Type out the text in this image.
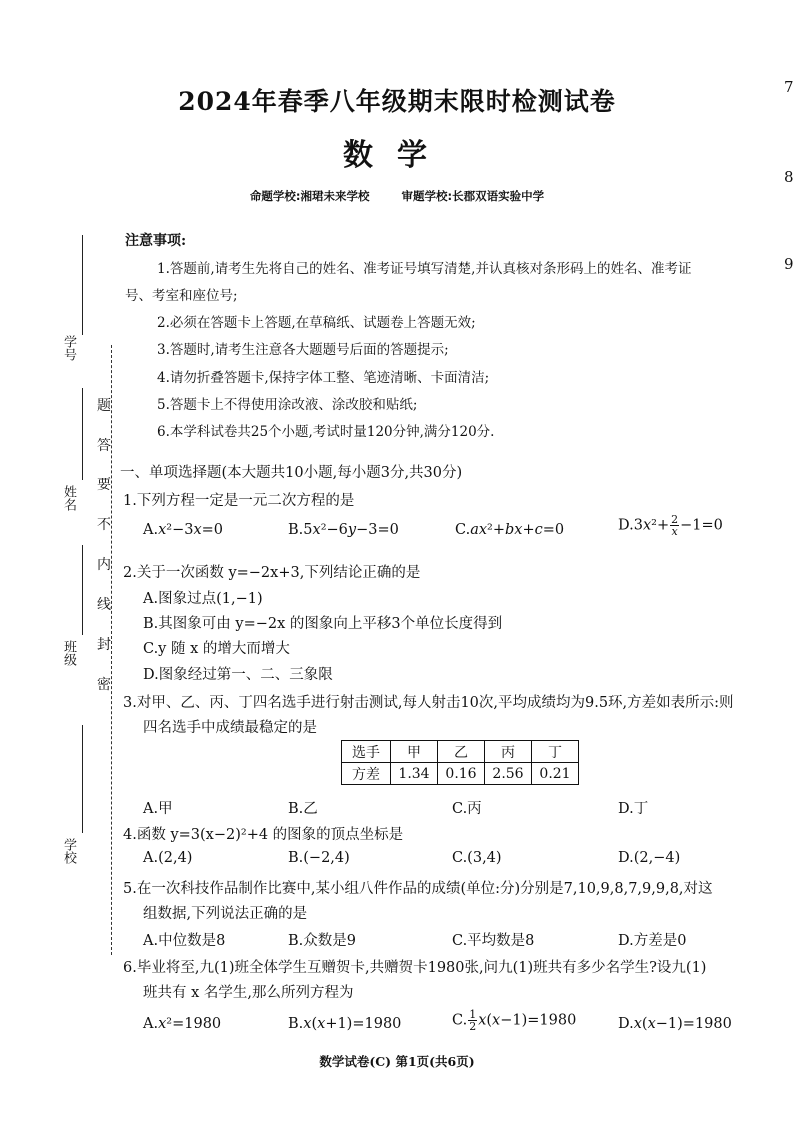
题
答
要
不
内
线
封
密
学号
姓名
班级
学校
7
8
9
2024年春季八年级期末限时检测试卷
数学
命题学校:湘珺未来学校	审题学校:长郡双语实验中学
注意事项:
1.答题前,请考生先将自己的姓名、准考证号填写清楚,并认真核对条形码上的姓名、准考证
号、考室和座位号;
2.必须在答题卡上答题,在草稿纸、试题卷上答题无效;
3.答题时,请考生注意各大题题号后面的答题提示;
4.请勿折叠答题卡,保持字体工整、笔迹清晰、卡面清洁;
5.答题卡上不得使用涂改液、涂改胶和贴纸;
6.本学科试卷共25个小题,考试时量120分钟,满分120分.
一、单项选择题(本大题共10小题,每小题3分,共30分)
1.下列方程一定是一元二次方程的是
A.x²−3x=0	B.5x²−6y−3=0	C.ax²+bx+c=0	$D.3x^2+ \frac{2}{x} -1=0$
2.关于一次函数 y=−2x+3,下列结论正确的是
A.图象过点(1,−1)
B.其图象可由 y=−2x 的图象向上平移3个单位长度得到
C.y 随 x 的增大而增大
D.图象经过第一、二、三象限
3.对甲、乙、丙、丁四名选手进行射击测试,每人射击10次,平均成绩均为9.5环,方差如表所示:则
四名选手中成绩最稳定的是
选手	甲	乙	丙	丁
方差	1.34	0.16	2.56	0.21
A.甲	B.乙	C.丙	D.丁
4.函数 y=3(x−2)²+4 的图象的顶点坐标是
A.(2,4)	B.(−2,4)	C.(3,4)	D.(2,−4)
5.在一次科技作品制作比赛中,某小组八件作品的成绩(单位:分)分别是7,10,9,8,7,9,9,8,对这
组数据,下列说法正确的是
A.中位数是8	B.众数是9	C.平均数是8	D.方差是0
6.毕业将至,九(1)班全体学生互赠贺卡,共赠贺卡1980张,问九(1)班共有多少名学生?设九(1)
班共有 x 名学生,那么所列方程为
A.x²=1980	B.x(x+1)=1980	C. $\frac{1}{2} x(x-1)=1980$	D.x(x−1)=1980
数学试卷(C) 第1页(共6页)
